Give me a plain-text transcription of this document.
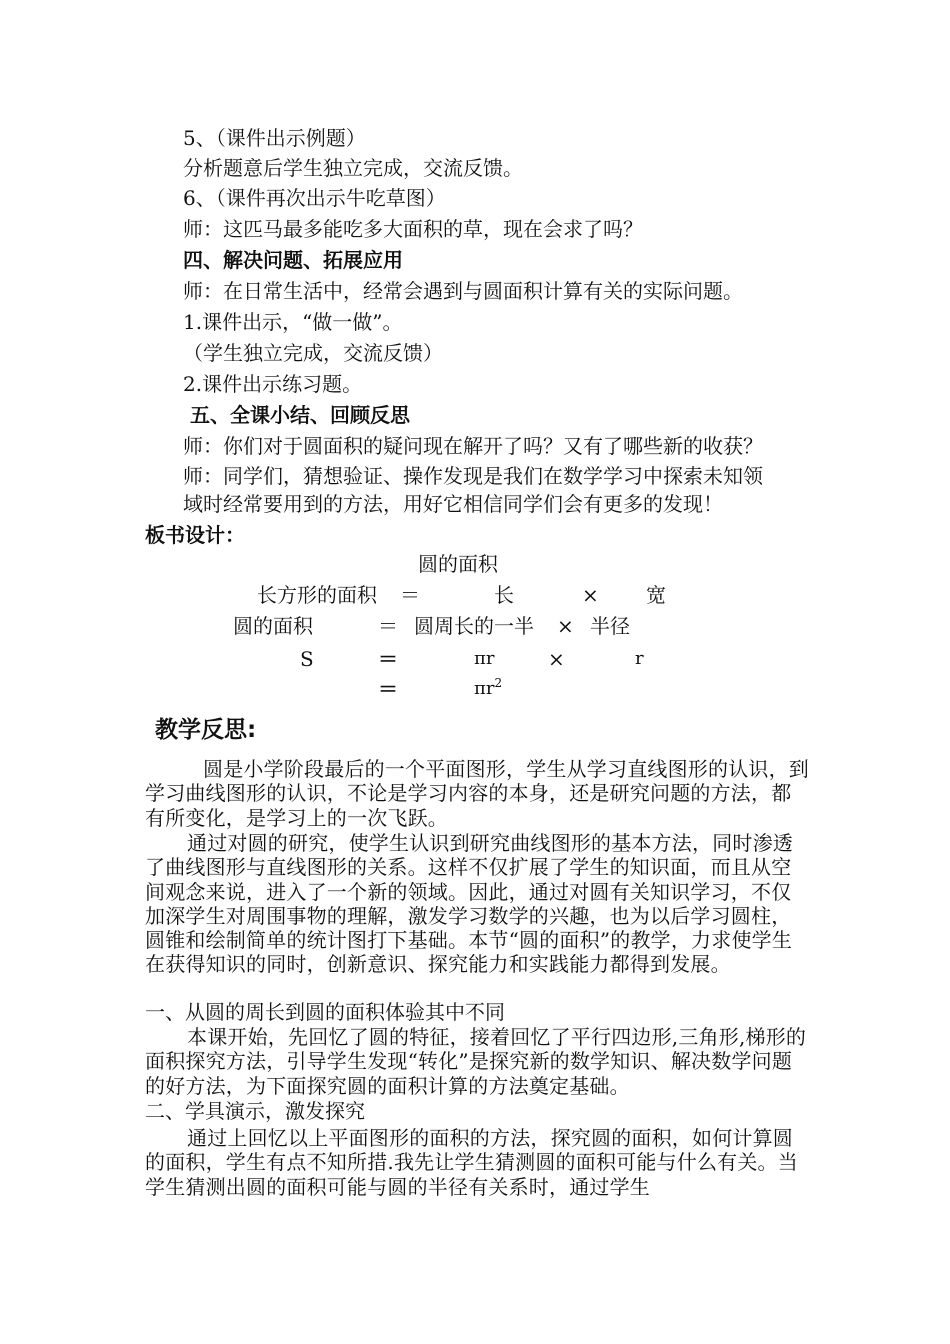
5、（课件出示例题）
分析题意后学生独立完成，交流反馈。
6、（课件再次出示牛吃草图）
师：这匹马最多能吃多大面积的草，现在会求了吗？
四、解决问题、拓展应用
师：在日常生活中，经常会遇到与圆面积计算有关的实际问题。
1.课件出示，“做一做”。
（学生独立完成，交流反馈）
2.课件出示练习题。
五、全课小结、回顾反思
师：你们对于圆面积的疑问现在解开了吗？又有了哪些新的收获？
师：同学们，猜想验证、操作发现是我们在数学学习中探索未知领
域时经常要用到的方法，用好它相信同学们会有更多的发现！
板书设计：
圆的面积
长方形的面积 ＝	长	× 宽
圆的面积	＝ 圆周长的一半 × 半径
S	＝	πr	×	r
＝	$\pi r^2$
教学反思:
圆是小学阶段最后的一个平面图形，学生从学习直线图形的认识，到学习曲线图形的认识，不论是学习内容的本身，还是研究问题的方法，都有所变化，是学习上的一次飞跃。
通过对圆的研究，使学生认识到研究曲线图形的基本方法，同时渗透了曲线图形与直线图形的关系。这样不仅扩展了学生的知识面，而且从空间观念来说，进入了一个新的领域。因此，通过对圆有关知识学习，不仅加深学生对周围事物的理解，激发学习数学的兴趣，也为以后学习圆柱，圆锥和绘制简单的统计图打下基础。本节“圆的面积”的教学，力求使学生在获得知识的同时，创新意识、探究能力和实践能力都得到发展。
一、从圆的周长到圆的面积体验其中不同
本课开始，先回忆了圆的特征，接着回忆了平行四边形,三角形,梯形的面积探究方法，引导学生发现“转化”是探究新的数学知识、解决数学问题的好方法，为下面探究圆的面积计算的方法奠定基础。
二、学具演示，激发探究
通过上回忆以上平面图形的面积的方法，探究圆的面积，如何计算圆的面积，学生有点不知所措.我先让学生猜测圆的面积可能与什么有关。当学生猜测出圆的面积可能与圆的半径有关系时，通过学生
